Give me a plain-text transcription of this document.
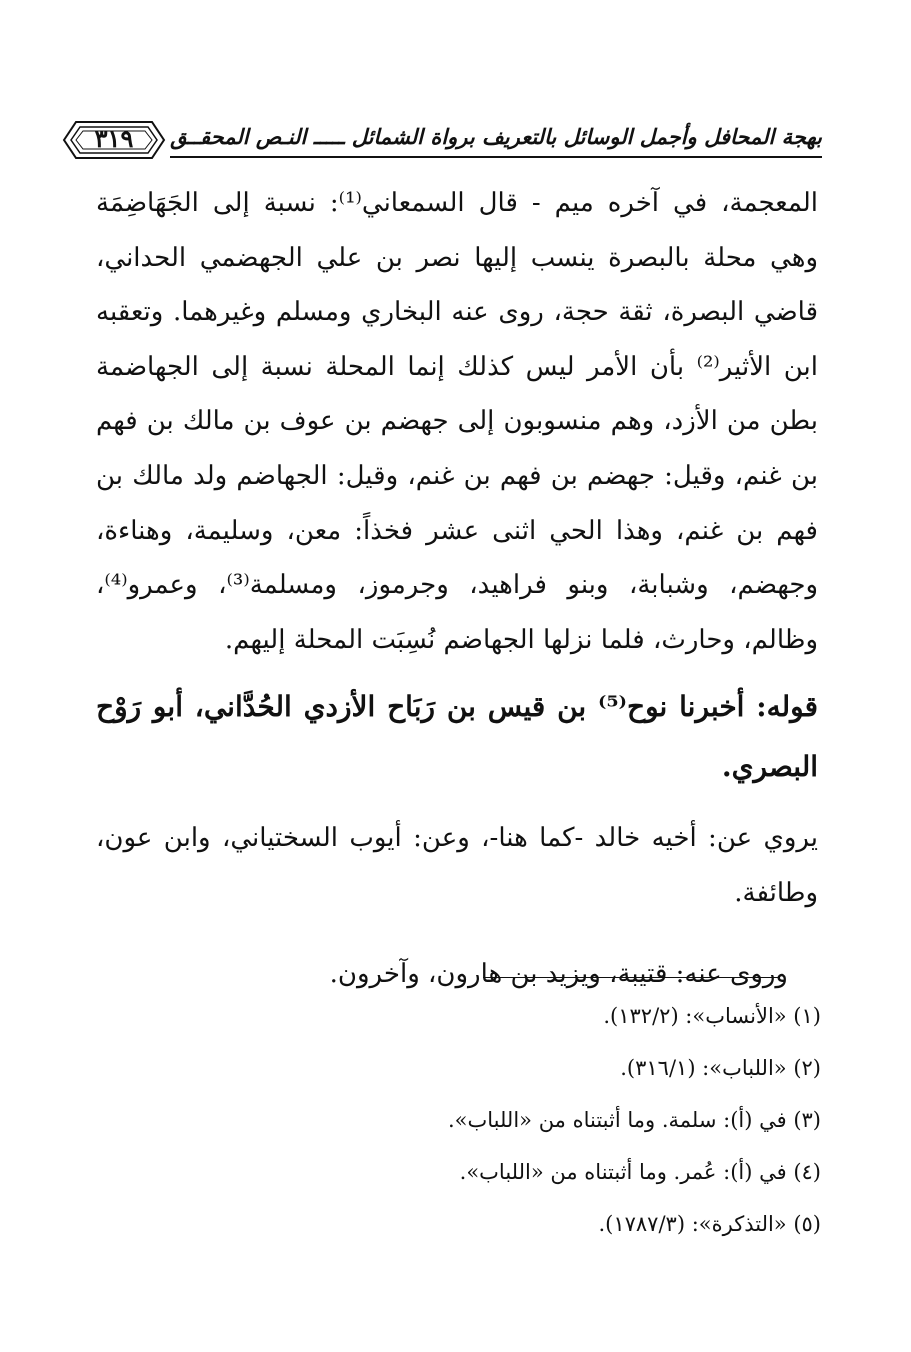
٣١٩	بهجة المحافل وأجمل الوسائل بالتعريف برواة الشمائل ـــــ النـص المحقــق

المعجمة، في آخره ميم - قال السمعاني⁽¹⁾: نسبة إلى الجَهَاضِمَة وهي محلة بالبصرة ينسب إليها نصر بن علي الجهضمي الحداني، قاضي البصرة، ثقة حجة، روى عنه البخاري ومسلم وغيرهما. وتعقبه ابن الأثير⁽²⁾ بأن الأمر ليس كذلك إنما المحلة نسبة إلى الجهاضمة بطن من الأزد، وهم منسوبون إلى جهضم بن عوف بن مالك بن فهم بن غنم، وقيل: جهضم بن فهم بن غنم، وقيل: الجهاضم ولد مالك بن فهم بن غنم، وهذا الحي اثنى عشر فخذاً: معن، وسليمة، وهناءة، وجهضم، وشبابة، وبنو فراهيد، وجرموز، ومسلمة⁽³⁾، وعمرو⁽⁴⁾، وظالم، وحارث، فلما نزلها الجهاضم نُسِبَت المحلة إليهم.

قوله: أخبرنا نوح⁽⁵⁾ بن قيس بن رَبَاح الأزدي الحُدَّاني، أبو رَوْح البصري.

يروي عن: أخيه خالد -كما هنا-، وعن: أيوب السختياني، وابن عون، وطائفة.

وروى عنه: قتيبة، ويزيد بن هارون، وآخرون.

(١) «الأنساب»: (١٣٢/٢).
(٢) «اللباب»: (٣١٦/١).
(٣) في (أ): سلمة. وما أثبتناه من «اللباب».
(٤) في (أ): عُمر. وما أثبتناه من «اللباب».
(٥) «التذكرة»: (١٧٨٧/٣).
